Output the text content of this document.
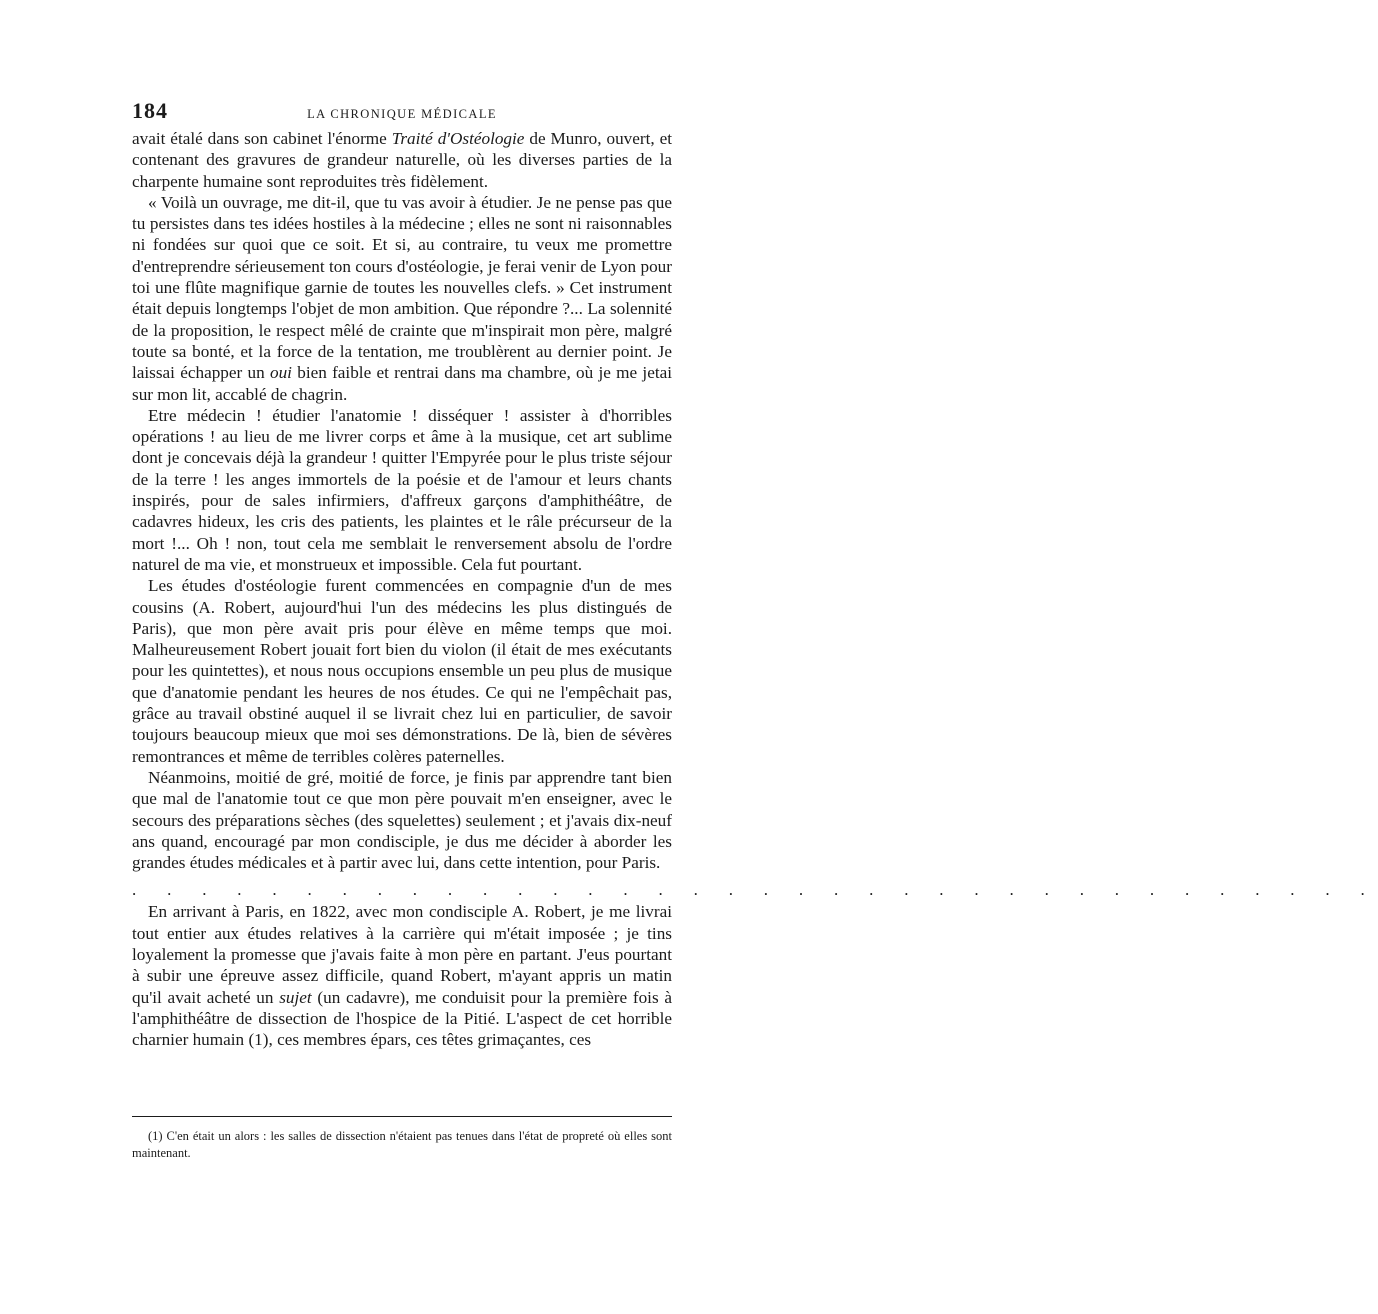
184	LA CHRONIQUE MÉDICALE

avait étalé dans son cabinet l'énorme Traité d'Ostéologie de Munro, ouvert, et contenant des gravures de grandeur naturelle, où les diverses parties de la charpente humaine sont reproduites très fidèlement.

« Voilà un ouvrage, me dit-il, que tu vas avoir à étudier. Je ne pense pas que tu persistes dans tes idées hostiles à la médecine ; elles ne sont ni raisonnables ni fondées sur quoi que ce soit. Et si, au contraire, tu veux me promettre d'entreprendre sérieusement ton cours d'ostéologie, je ferai venir de Lyon pour toi une flûte magnifique garnie de toutes les nouvelles clefs. » Cet instrument était depuis longtemps l'objet de mon ambition. Que répondre ?... La solennité de la proposition, le respect mêlé de crainte que m'inspirait mon père, malgré toute sa bonté, et la force de la tentation, me troublèrent au dernier point. Je laissai échapper un oui bien faible et rentrai dans ma chambre, où je me jetai sur mon lit, accablé de chagrin.

Etre médecin ! étudier l'anatomie ! disséquer ! assister à d'horribles opérations ! au lieu de me livrer corps et âme à la musique, cet art sublime dont je concevais déjà la grandeur ! quitter l'Empyrée pour le plus triste séjour de la terre ! les anges immortels de la poésie et de l'amour et leurs chants inspirés, pour de sales infirmiers, d'affreux garçons d'amphithéâtre, de cadavres hideux, les cris des patients, les plaintes et le râle précurseur de la mort !... Oh ! non, tout cela me semblait le renversement absolu de l'ordre naturel de ma vie, et monstrueux et impossible. Cela fut pourtant.

Les études d'ostéologie furent commencées en compagnie d'un de mes cousins (A. Robert, aujourd'hui l'un des médecins les plus distingués de Paris), que mon père avait pris pour élève en même temps que moi. Malheureusement Robert jouait fort bien du violon (il était de mes exécutants pour les quintettes), et nous nous occupions ensemble un peu plus de musique que d'anatomie pendant les heures de nos études. Ce qui ne l'empêchait pas, grâce au travail obstiné auquel il se livrait chez lui en particulier, de savoir toujours beaucoup mieux que moi ses démonstrations. De là, bien de sévères remontrances et même de terribles colères paternelles.

Néanmoins, moitié de gré, moitié de force, je finis par apprendre tant bien que mal de l'anatomie tout ce que mon père pouvait m'en enseigner, avec le secours des préparations sèches (des squelettes) seulement ; et j'avais dix-neuf ans quand, encouragé par mon condisciple, je dus me décider à aborder les grandes études médicales et à partir avec lui, dans cette intention, pour Paris.

. . . . . . . . . . . . . . . . . . . . . . . . . . . . . . . . . . . .

En arrivant à Paris, en 1822, avec mon condisciple A. Robert, je me livrai tout entier aux études relatives à la carrière qui m'était imposée ; je tins loyalement la promesse que j'avais faite à mon père en partant. J'eus pourtant à subir une épreuve assez difficile, quand Robert, m'ayant appris un matin qu'il avait acheté un sujet (un cadavre), me conduisit pour la première fois à l'amphithéâtre de dissection de l'hospice de la Pitié. L'aspect de cet horrible charnier humain (1), ces membres épars, ces têtes grimaçantes, ces

(1) C'en était un alors : les salles de dissection n'étaient pas tenues dans l'état de propreté où elles sont maintenant.
